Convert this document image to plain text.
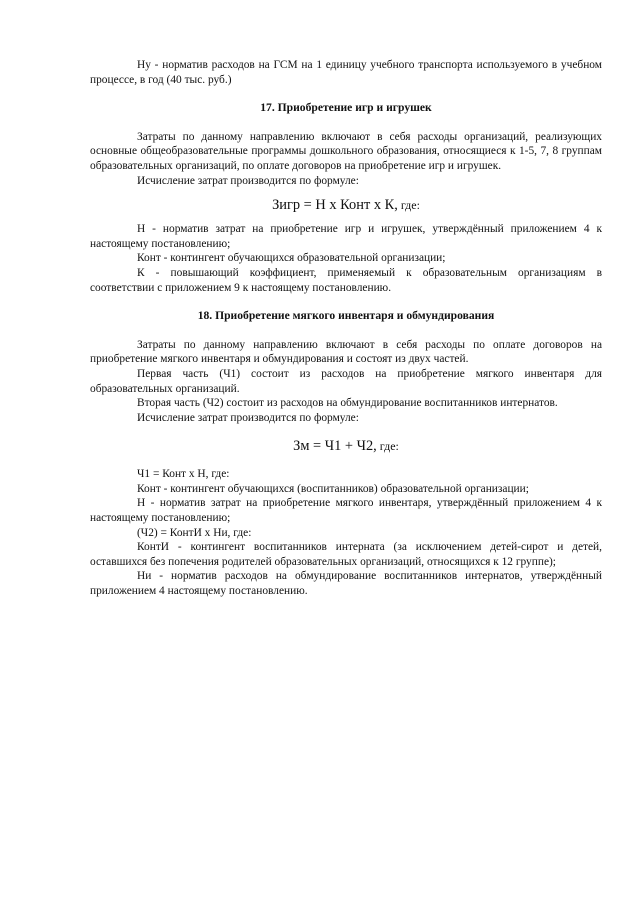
Ну - норматив расходов на ГСМ на 1 единицу учебного транспорта используемого в учебном процессе, в год (40 тыс. руб.)

17. Приобретение игр и игрушек

Затраты по данному направлению включают в себя расходы организаций, реализующих основные общеобразовательные программы дошкольного образования, относящиеся к 1-5, 7, 8 группам образовательных организаций, по оплате договоров на приобретение игр и игрушек.

Исчисление затрат производится по формуле:

Зигр = Н х Конт х К, где:

Н - норматив затрат на приобретение игр и игрушек, утверждённый приложением 4 к настоящему постановлению;

Конт - контингент обучающихся образовательной организации;

К - повышающий коэффициент, применяемый к образовательным организациям в соответствии с приложением 9 к настоящему постановлению.

18. Приобретение мягкого инвентаря и обмундирования

Затраты по данному направлению включают в себя расходы по оплате договоров на приобретение мягкого инвентаря и обмундирования и состоят из двух частей.

Первая часть (Ч1) состоит из расходов на приобретение мягкого инвентаря для образовательных организаций.

Вторая часть (Ч2) состоит из расходов на обмундирование воспитанников интернатов.

Исчисление затрат производится по формуле:

Зм = Ч1 + Ч2, где:

Ч1 = Конт х Н, где:

Конт - контингент обучающихся (воспитанников) образовательной организации;

Н - норматив затрат на приобретение мягкого инвентаря, утверждённый приложением 4 к настоящему постановлению;

(Ч2) = КонтИ х Ни, где:

КонтИ - контингент воспитанников интерната (за исключением детей-сирот и детей, оставшихся без попечения родителей образовательных организаций, относящихся к 12 группе);

Ни - норматив расходов на обмундирование воспитанников интернатов, утверждённый приложением 4 настоящему постановлению.
